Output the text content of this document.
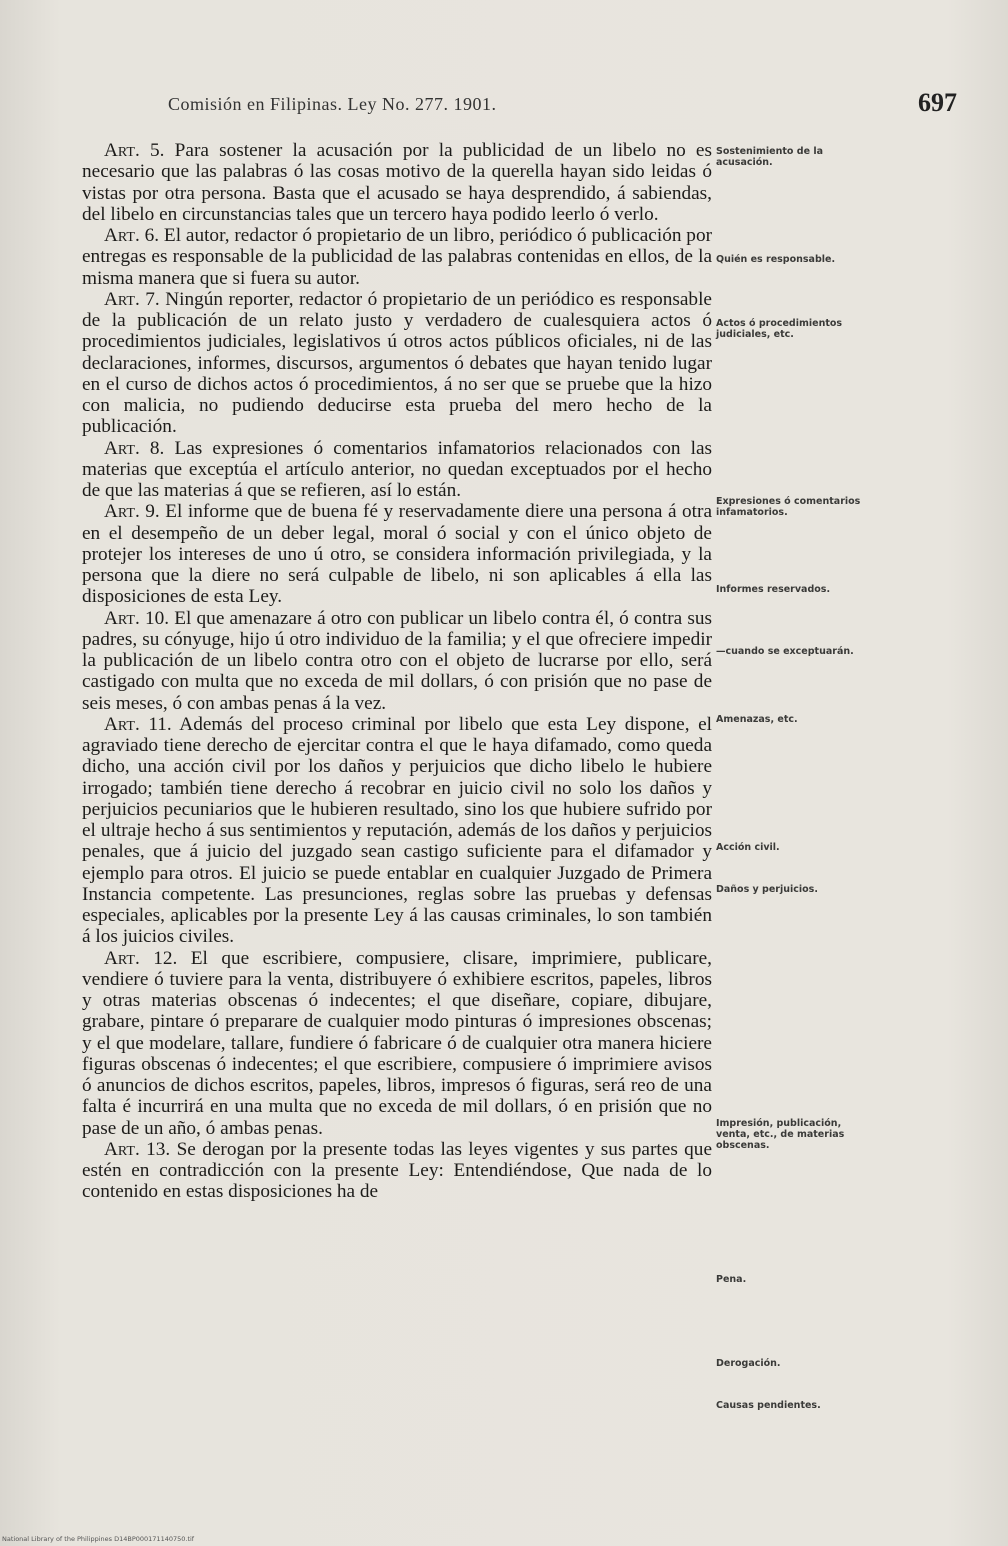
Comisión en Filipinas. Ley No. 277. 1901.	697

Art. 5. Para sostener la acusación por la publicidad de un libelo no es necesario que las palabras ó las cosas motivo de la querella hayan sido leidas ó vistas por otra persona. Basta que el acusado se haya desprendido, á sabiendas, del libelo en circunstancias tales que un tercero haya podido leerlo ó verlo.

Art. 6. El autor, redactor ó propietario de un libro, periódico ó publicación por entregas es responsable de la publicidad de las palabras contenidas en ellos, de la misma manera que si fuera su autor.

Art. 7. Ningún reporter, redactor ó propietario de un periódico es responsable de la publicación de un relato justo y verdadero de cualesquiera actos ó procedimientos judiciales, legislativos ú otros actos públicos oficiales, ni de las declaraciones, informes, discursos, argumentos ó debates que hayan tenido lugar en el curso de dichos actos ó procedimientos, á no ser que se pruebe que la hizo con malicia, no pudiendo deducirse esta prueba del mero hecho de la publicación.

Art. 8. Las expresiones ó comentarios infamatorios relacionados con las materias que exceptúa el artículo anterior, no quedan exceptuados por el hecho de que las materias á que se refieren, así lo están.

Art. 9. El informe que de buena fé y reservadamente diere una persona á otra en el desempeño de un deber legal, moral ó social y con el único objeto de protejer los intereses de uno ú otro, se considera información privilegiada, y la persona que la diere no será culpable de libelo, ni son aplicables á ella las disposiciones de esta Ley.

Art. 10. El que amenazare á otro con publicar un libelo contra él, ó contra sus padres, su cónyuge, hijo ú otro individuo de la familia; y el que ofreciere impedir la publicación de un libelo contra otro con el objeto de lucrarse por ello, será castigado con multa que no exceda de mil dollars, ó con prisión que no pase de seis meses, ó con ambas penas á la vez.

Art. 11. Además del proceso criminal por libelo que esta Ley dispone, el agraviado tiene derecho de ejercitar contra el que le haya difamado, como queda dicho, una acción civil por los daños y perjuicios que dicho libelo le hubiere irrogado; también tiene derecho á recobrar en juicio civil no solo los daños y perjuicios pecuniarios que le hubieren resultado, sino los que hubiere sufrido por el ultraje hecho á sus sentimientos y reputación, además de los daños y perjuicios penales, que á juicio del juzgado sean castigo suficiente para el difamador y ejemplo para otros. El juicio se puede entablar en cualquier Juzgado de Primera Instancia competente. Las presunciones, reglas sobre las pruebas y defensas especiales, aplicables por la presente Ley á las causas criminales, lo son también á los juicios civiles.

Art. 12. El que escribiere, compusiere, clisare, imprimiere, publicare, vendiere ó tuviere para la venta, distribuyere ó exhibiere escritos, papeles, libros y otras materias obscenas ó indecentes; el que diseñare, copiare, dibujare, grabare, pintare ó preparare de cualquier modo pinturas ó impresiones obscenas; y el que modelare, tallare, fundiere ó fabricare ó de cualquier otra manera hiciere figuras obscenas ó indecentes; el que escribiere, compusiere ó imprimiere avisos ó anuncios de dichos escritos, papeles, libros, impresos ó figuras, será reo de una falta é incurrirá en una multa que no exceda de mil dollars, ó en prisión que no pase de un año, ó ambas penas.

Art. 13. Se derogan por la presente todas las leyes vigentes y sus partes que estén en contradicción con la presente Ley: Entendiéndose, Que nada de lo contenido en estas disposiciones ha de

Sostenimiento de la acusación.
Quién es responsable.
Actos ó procedimientos judiciales, etc.
Expresiones ó comentarios infamatorios.
Informes reservados.
—cuando se exceptuarán.
Amenazas, etc.
Acción civil.
Daños y perjuicios.
Impresión, publicación, venta, etc., de materias obscenas.
Pena.
Derogación.
Causas pendientes.
National Library of the Philippines D14BP000171140750.tif
